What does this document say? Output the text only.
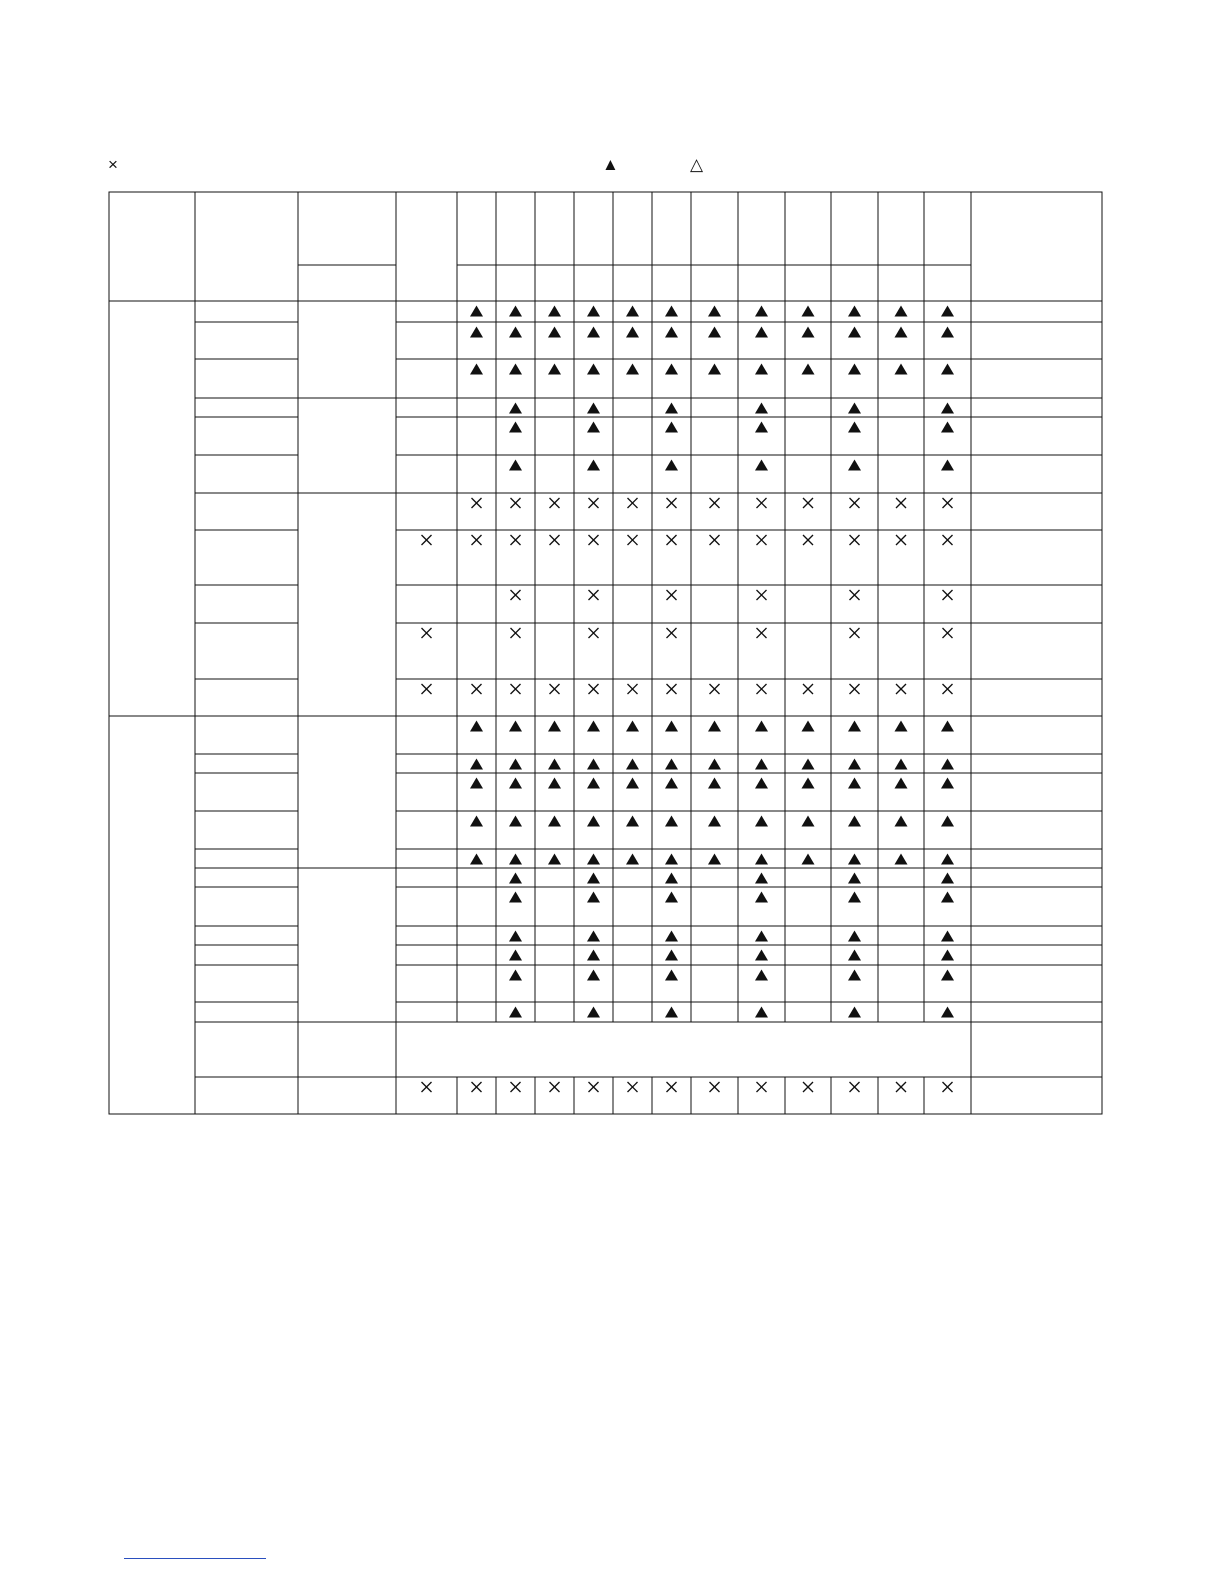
×	▲	△
